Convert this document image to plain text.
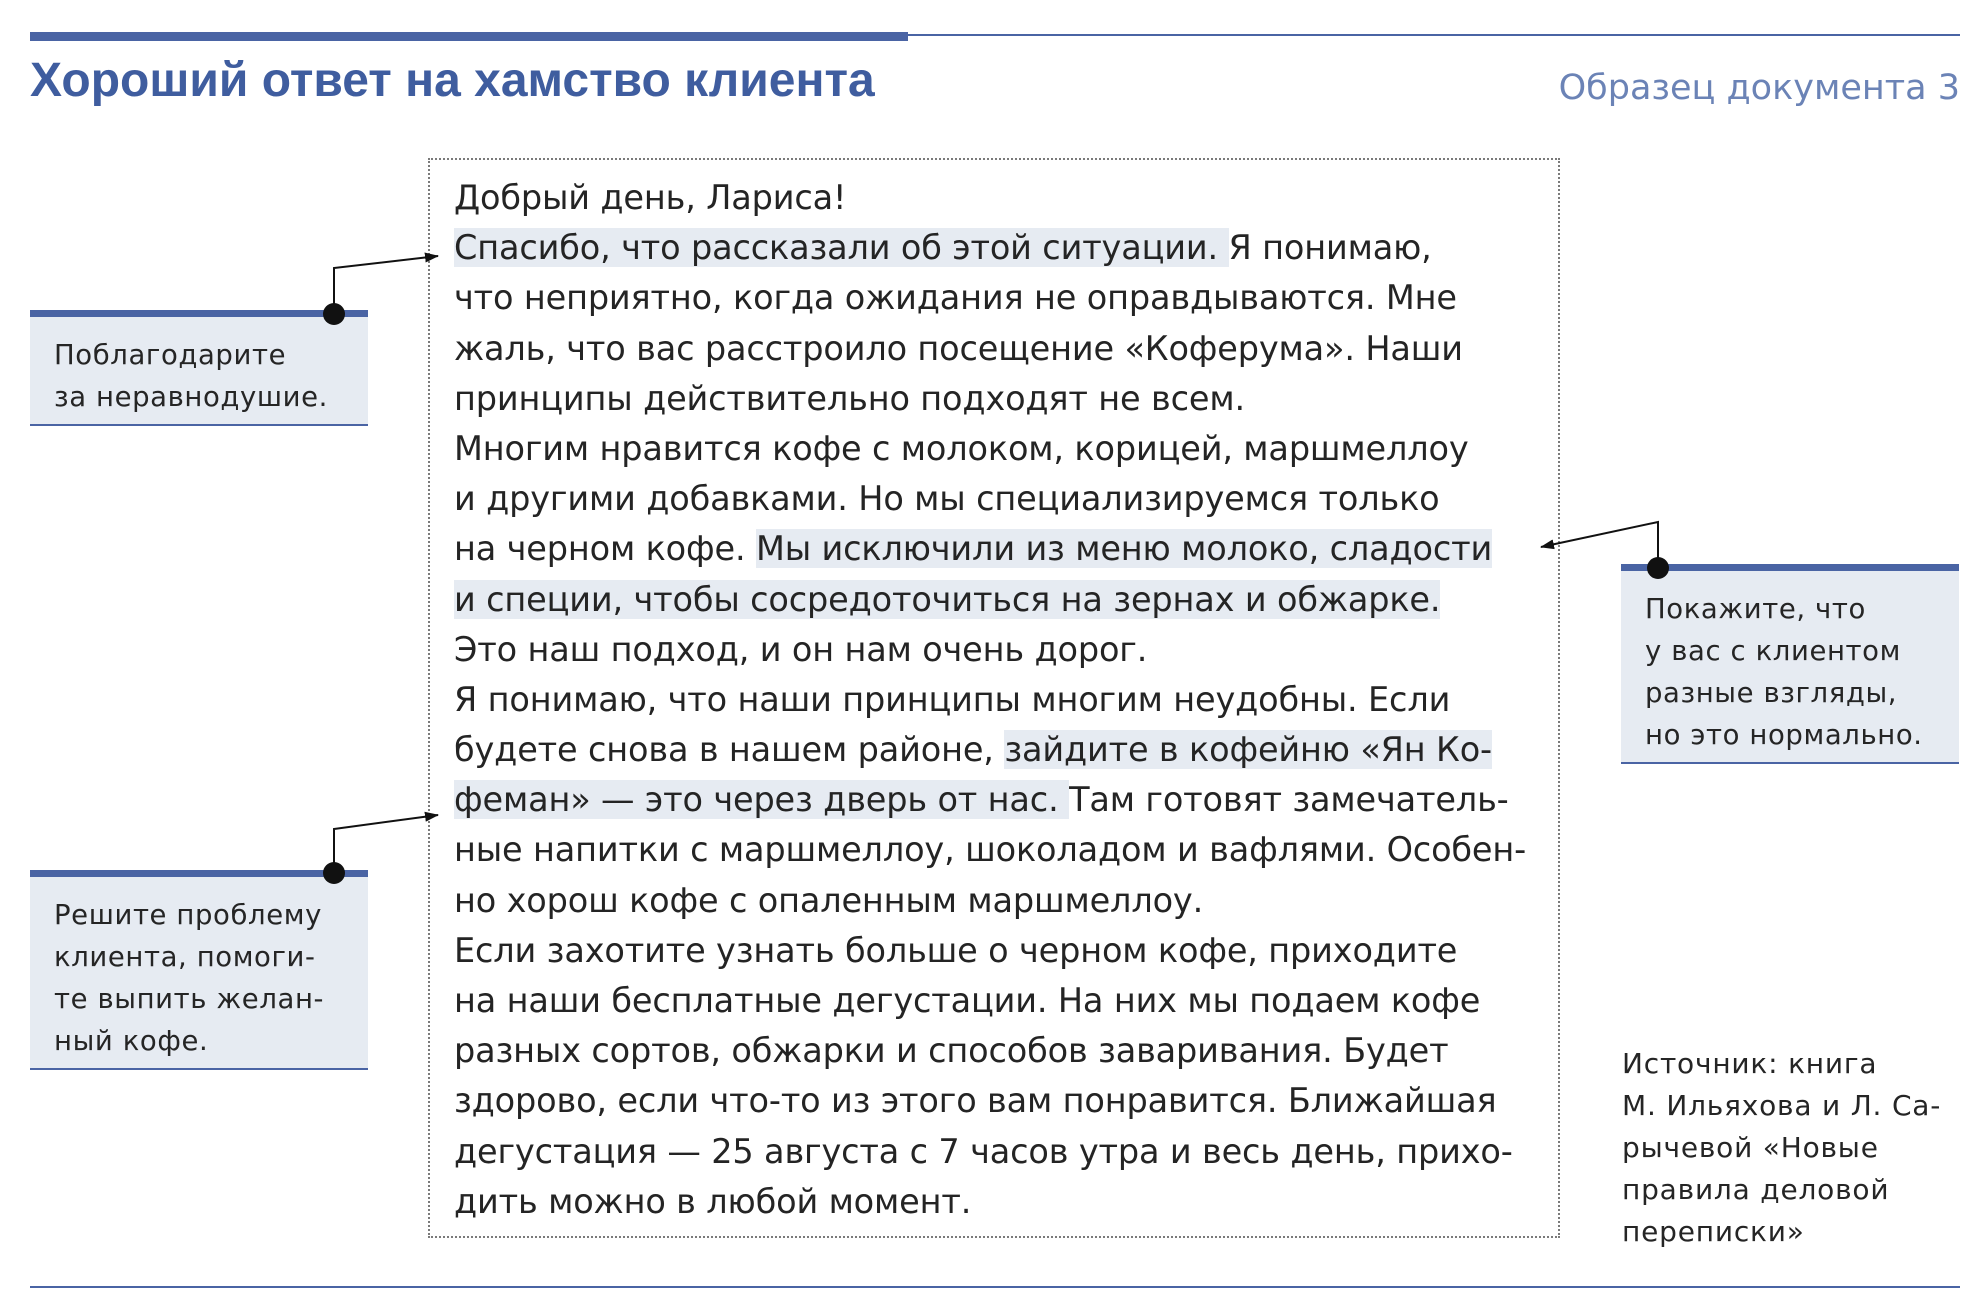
Хороший ответ на хамство клиента	Образец документа 3
Добрый день, Лариса!
Спасибо, что рассказали об этой ситуации. Я понимаю,
что неприятно, когда ожидания не оправдываются. Мне
жаль, что вас расстроило посещение «Коферума». Наши
принципы действительно подходят не всем.
Многим нравится кофе с молоком, корицей, маршмеллоу
и другими добавками. Но мы специализируемся только
на черном кофе. Мы исключили из меню молоко, сладости
и специи, чтобы сосредоточиться на зернах и обжарке.
Это наш подход, и он нам очень дорог.
Я понимаю, что наши принципы многим неудобны. Если
будете снова в нашем районе, зайдите в кофейню «Ян Ко-
феман» — это через дверь от нас. Там готовят замечатель-
ные напитки с маршмеллоу, шоколадом и вафлями. Особен-
но хорош кофе с опаленным маршмеллоу.
Если захотите узнать больше о черном кофе, приходите
на наши бесплатные дегустации. На них мы подаем кофе
разных сортов, обжарки и способов заваривания. Будет
здорово, если что-то из этого вам понравится. Ближайшая
дегустация — 25 августа с 7 часов утра и весь день, прихо-
дить можно в любой момент.
Поблагодарите
за неравнодушие.
Решите проблему
клиента, помоги-
те выпить желан-
ный кофе.
Покажите, что
у вас с клиентом
разные взгляды,
но это нормально.
Источник: книга
М. Ильяхова и Л. Са-
рычевой «Новые
правила деловой
переписки»
